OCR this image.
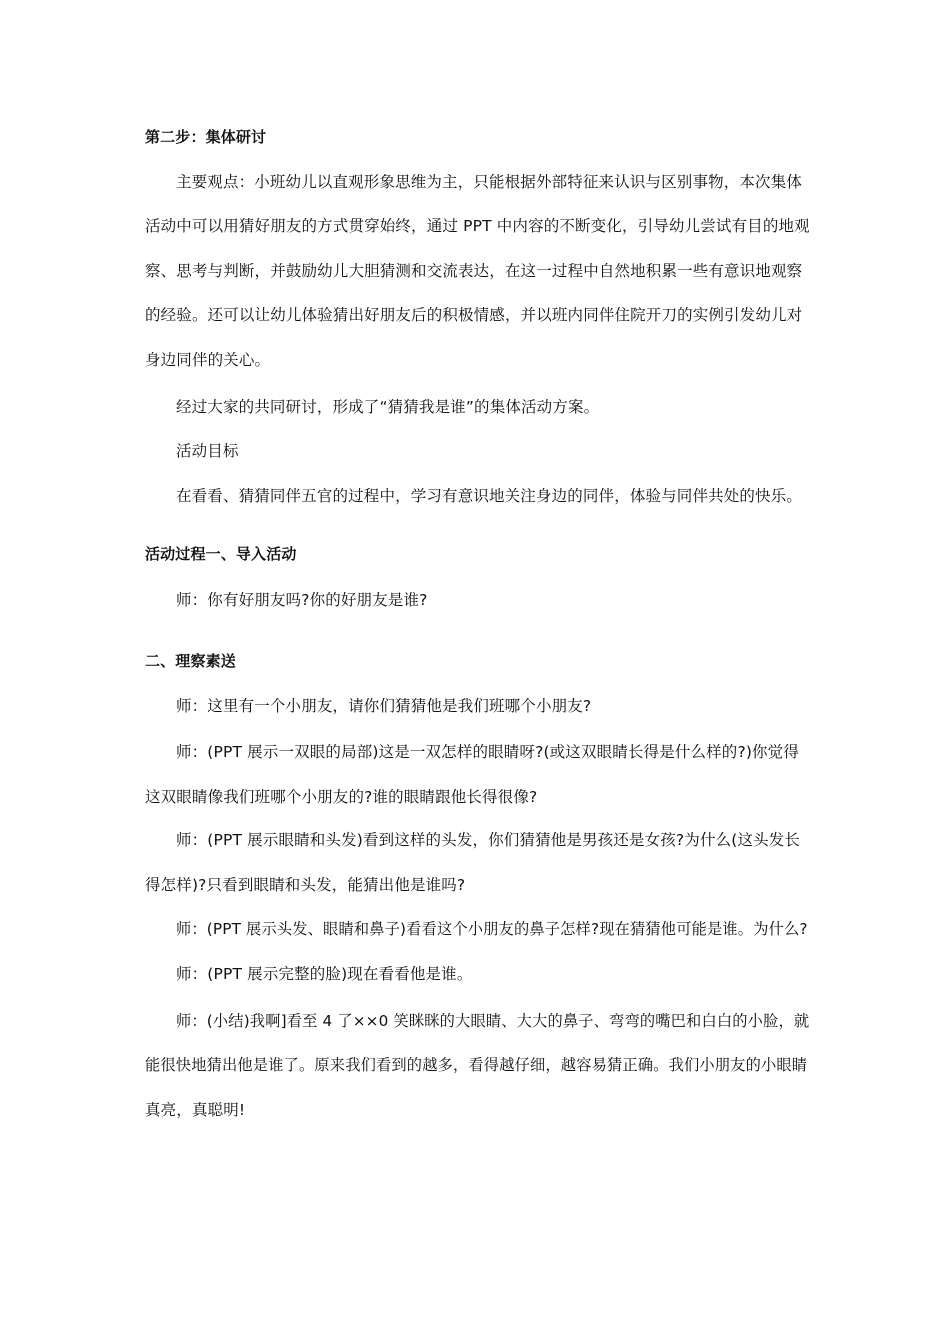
第二步：集体研讨
主要观点：小班幼儿以直观形象思维为主，只能根据外部特征来认识与区别事物，本次集体
活动中可以用猜好朋友的方式贯穿始终，通过 PPT 中内容的不断变化，引导幼儿尝试有目的地观
察、思考与判断，并鼓励幼儿大胆猜测和交流表达，在这一过程中自然地积累一些有意识地观察
的经验。还可以让幼儿体验猜出好朋友后的积极情感，并以班内同伴住院开刀的实例引发幼儿对
身边同伴的关心。
经过大家的共同研讨，形成了“猜猜我是谁”的集体活动方案。
活动目标
在看看、猜猜同伴五官的过程中，学习有意识地关注身边的同伴，体验与同伴共处的快乐。
活动过程一、导入活动
师：你有好朋友吗?你的好朋友是谁?
二、理察素送
师：这里有一个小朋友，请你们猜猜他是我们班哪个小朋友?
师：(PPT 展示一双眼的局部)这是一双怎样的眼睛呀?(或这双眼睛长得是什么样的?)你觉得
这双眼睛像我们班哪个小朋友的?谁的眼睛跟他长得很像?
师：(PPT 展示眼睛和头发)看到这样的头发，你们猜猜他是男孩还是女孩?为什么(这头发长
得怎样)?只看到眼睛和头发，能猜出他是谁吗?
师：(PPT 展示头发、眼睛和鼻子)看看这个小朋友的鼻子怎样?现在猜猜他可能是谁。为什么?
师：(PPT 展示完整的脸)现在看看他是谁。
师：(小结)我啊]看至 4 了××0 笑眯眯的大眼睛、大大的鼻子、弯弯的嘴巴和白白的小脸，就
能很快地猜出他是谁了。原来我们看到的越多，看得越仔细，越容易猜正确。我们小朋友的小眼睛
真亮，真聪明!
